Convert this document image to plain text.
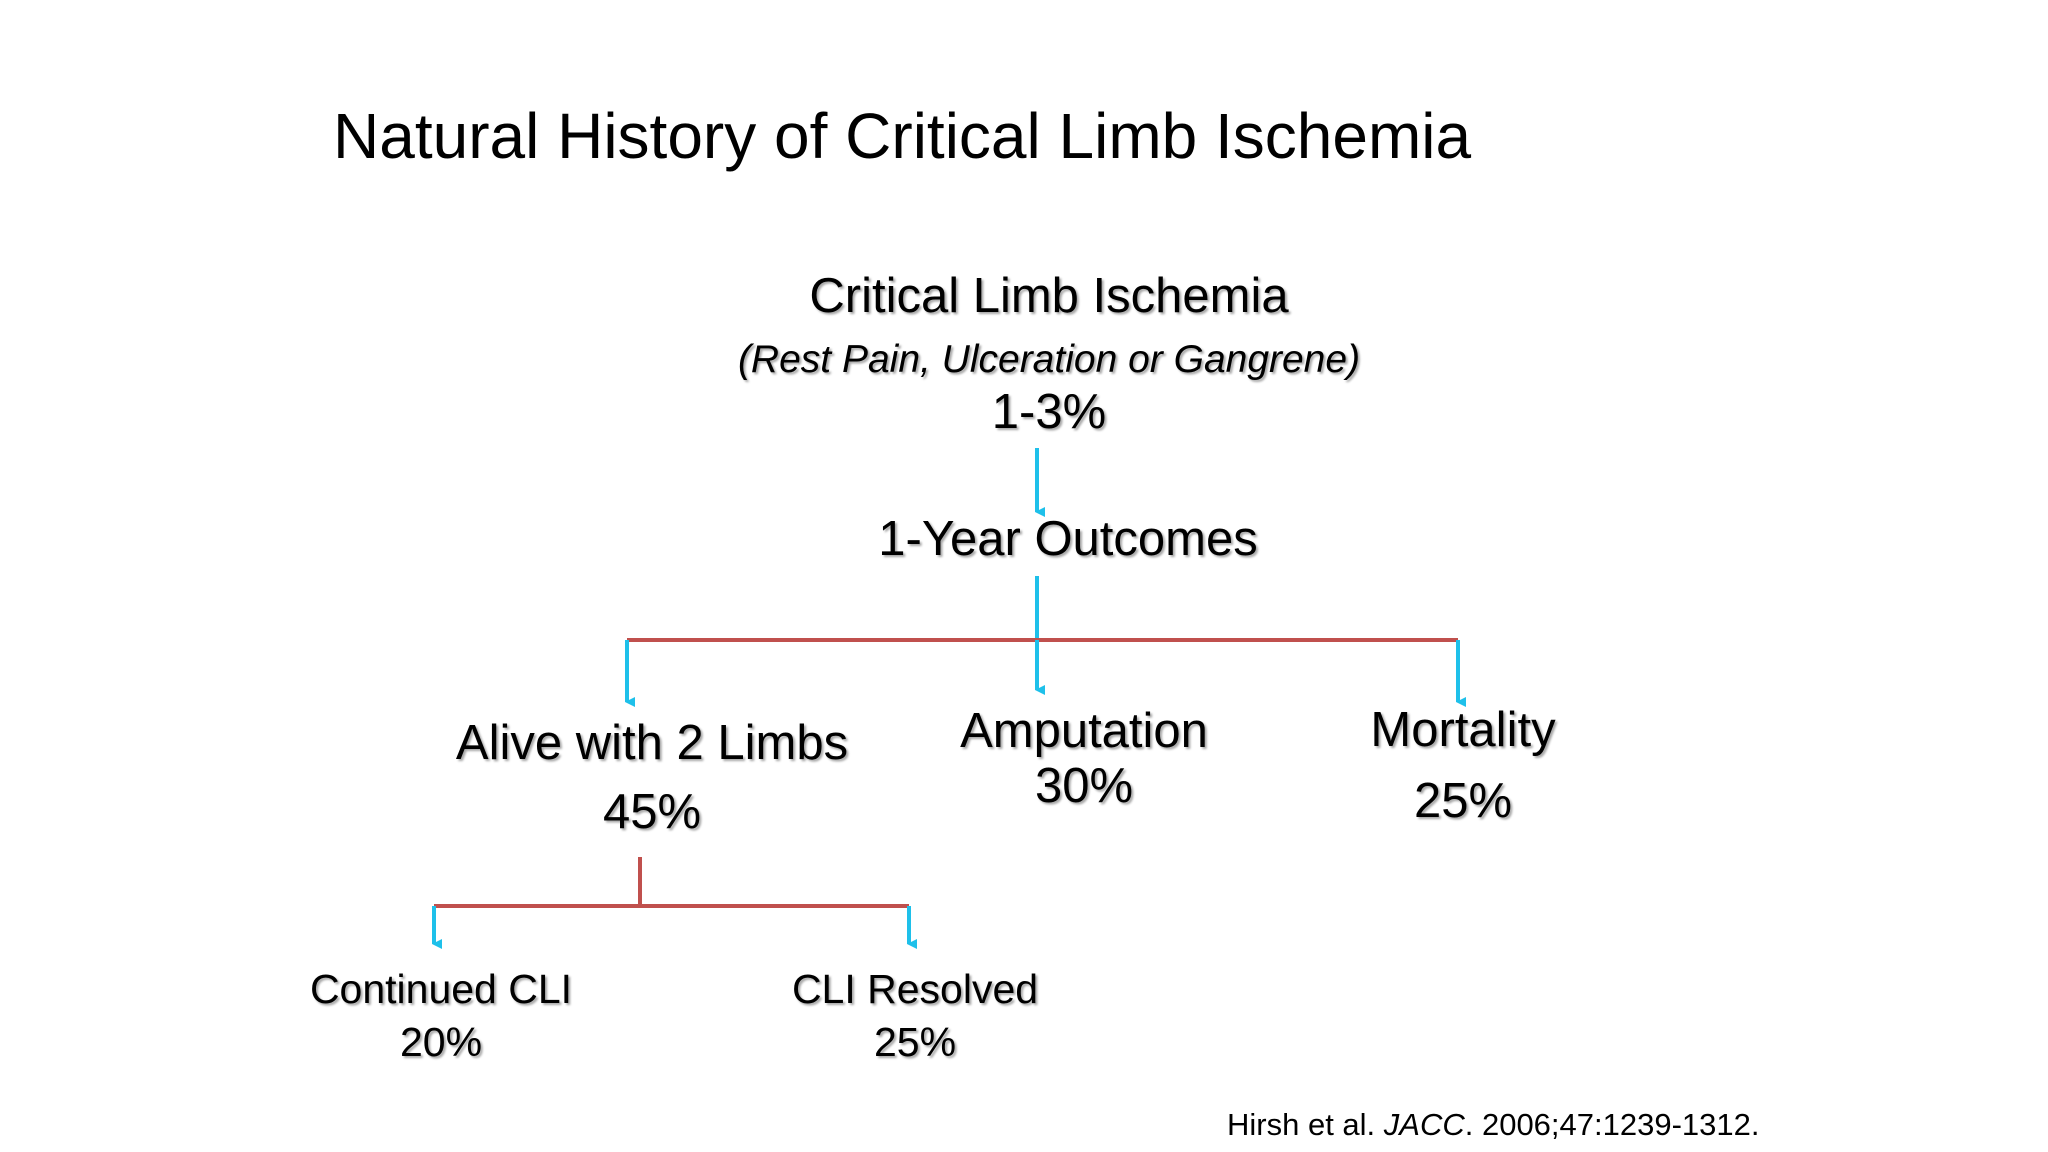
Natural History of Critical Limb Ischemia
Critical Limb Ischemia
(Rest Pain, Ulceration or Gangrene)
1-3%
1-Year Outcomes
Alive with 2 Limbs
45%
Amputation
30%
Mortality
25%
Continued CLI
20%
CLI Resolved
25%
Hirsh et al. JACC. 2006;47:1239-1312.
